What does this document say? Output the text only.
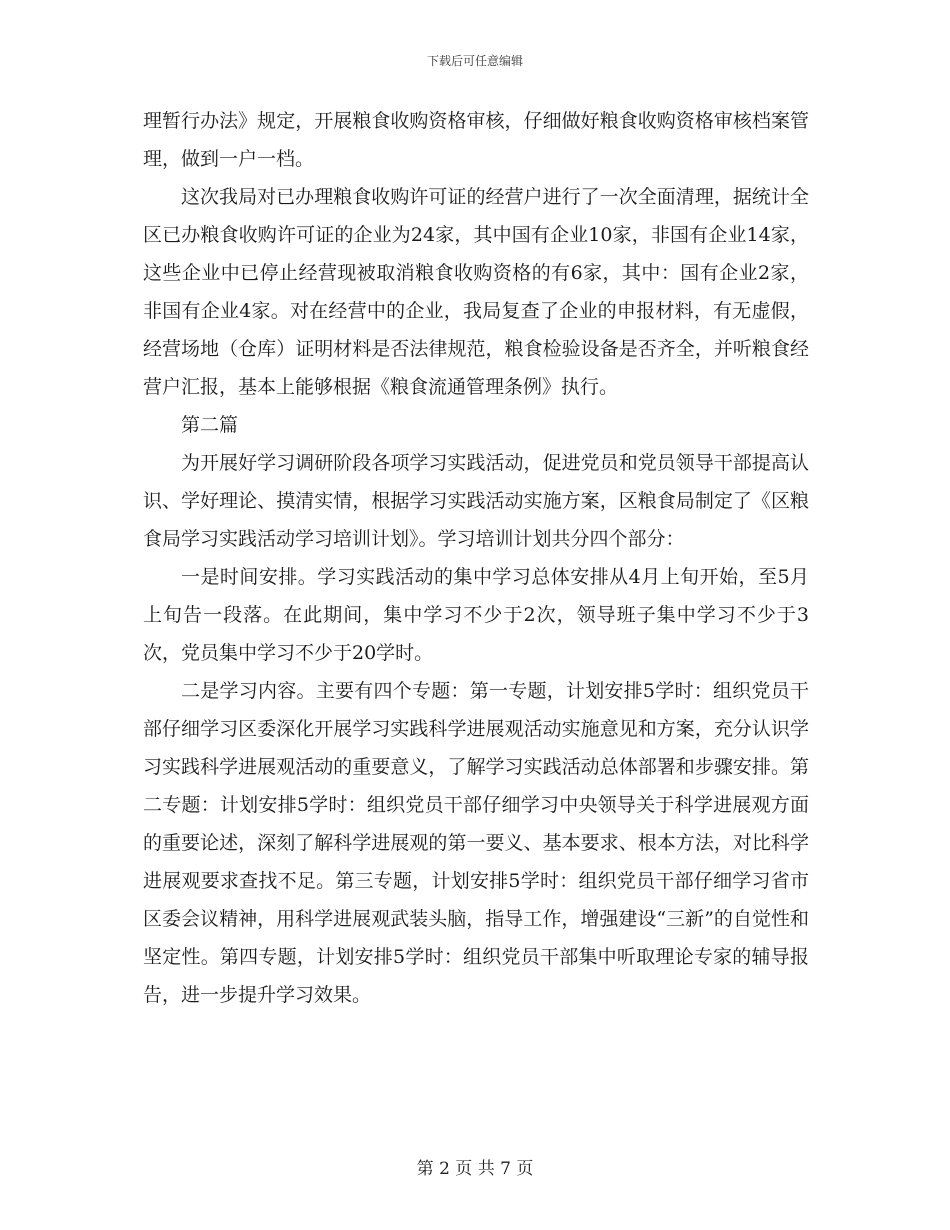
下载后可任意编辑

理暂行办法》规定，开展粮食收购资格审核，仔细做好粮食收购资格审核档案管理，做到一户一档。

这次我局对已办理粮食收购许可证的经营户进行了一次全面清理，据统计全区已办粮食收购许可证的企业为24家，其中国有企业10家，非国有企业14家，这些企业中已停止经营现被取消粮食收购资格的有6家，其中：国有企业2家，非国有企业4家。对在经营中的企业，我局复查了企业的申报材料，有无虚假，经营场地（仓库）证明材料是否法律规范，粮食检验设备是否齐全，并听粮食经营户汇报，基本上能够根据《粮食流通管理条例》执行。

第二篇

为开展好学习调研阶段各项学习实践活动，促进党员和党员领导干部提高认识、学好理论、摸清实情，根据学习实践活动实施方案，区粮食局制定了《区粮食局学习实践活动学习培训计划》。学习培训计划共分四个部分：

一是时间安排。学习实践活动的集中学习总体安排从4月上旬开始，至5月上旬告一段落。在此期间，集中学习不少于2次，领导班子集中学习不少于3次，党员集中学习不少于20学时。

二是学习内容。主要有四个专题：第一专题，计划安排5学时：组织党员干部仔细学习区委深化开展学习实践科学进展观活动实施意见和方案，充分认识学习实践科学进展观活动的重要意义，了解学习实践活动总体部署和步骤安排。第二专题：计划安排5学时：组织党员干部仔细学习中央领导关于科学进展观方面的重要论述，深刻了解科学进展观的第一要义、基本要求、根本方法，对比科学进展观要求查找不足。第三专题，计划安排5学时：组织党员干部仔细学习省市区委会议精神，用科学进展观武装头脑，指导工作，增强建设“三新”的自觉性和坚定性。第四专题，计划安排5学时：组织党员干部集中听取理论专家的辅导报告，进一步提升学习效果。

第 2 页 共 7 页
